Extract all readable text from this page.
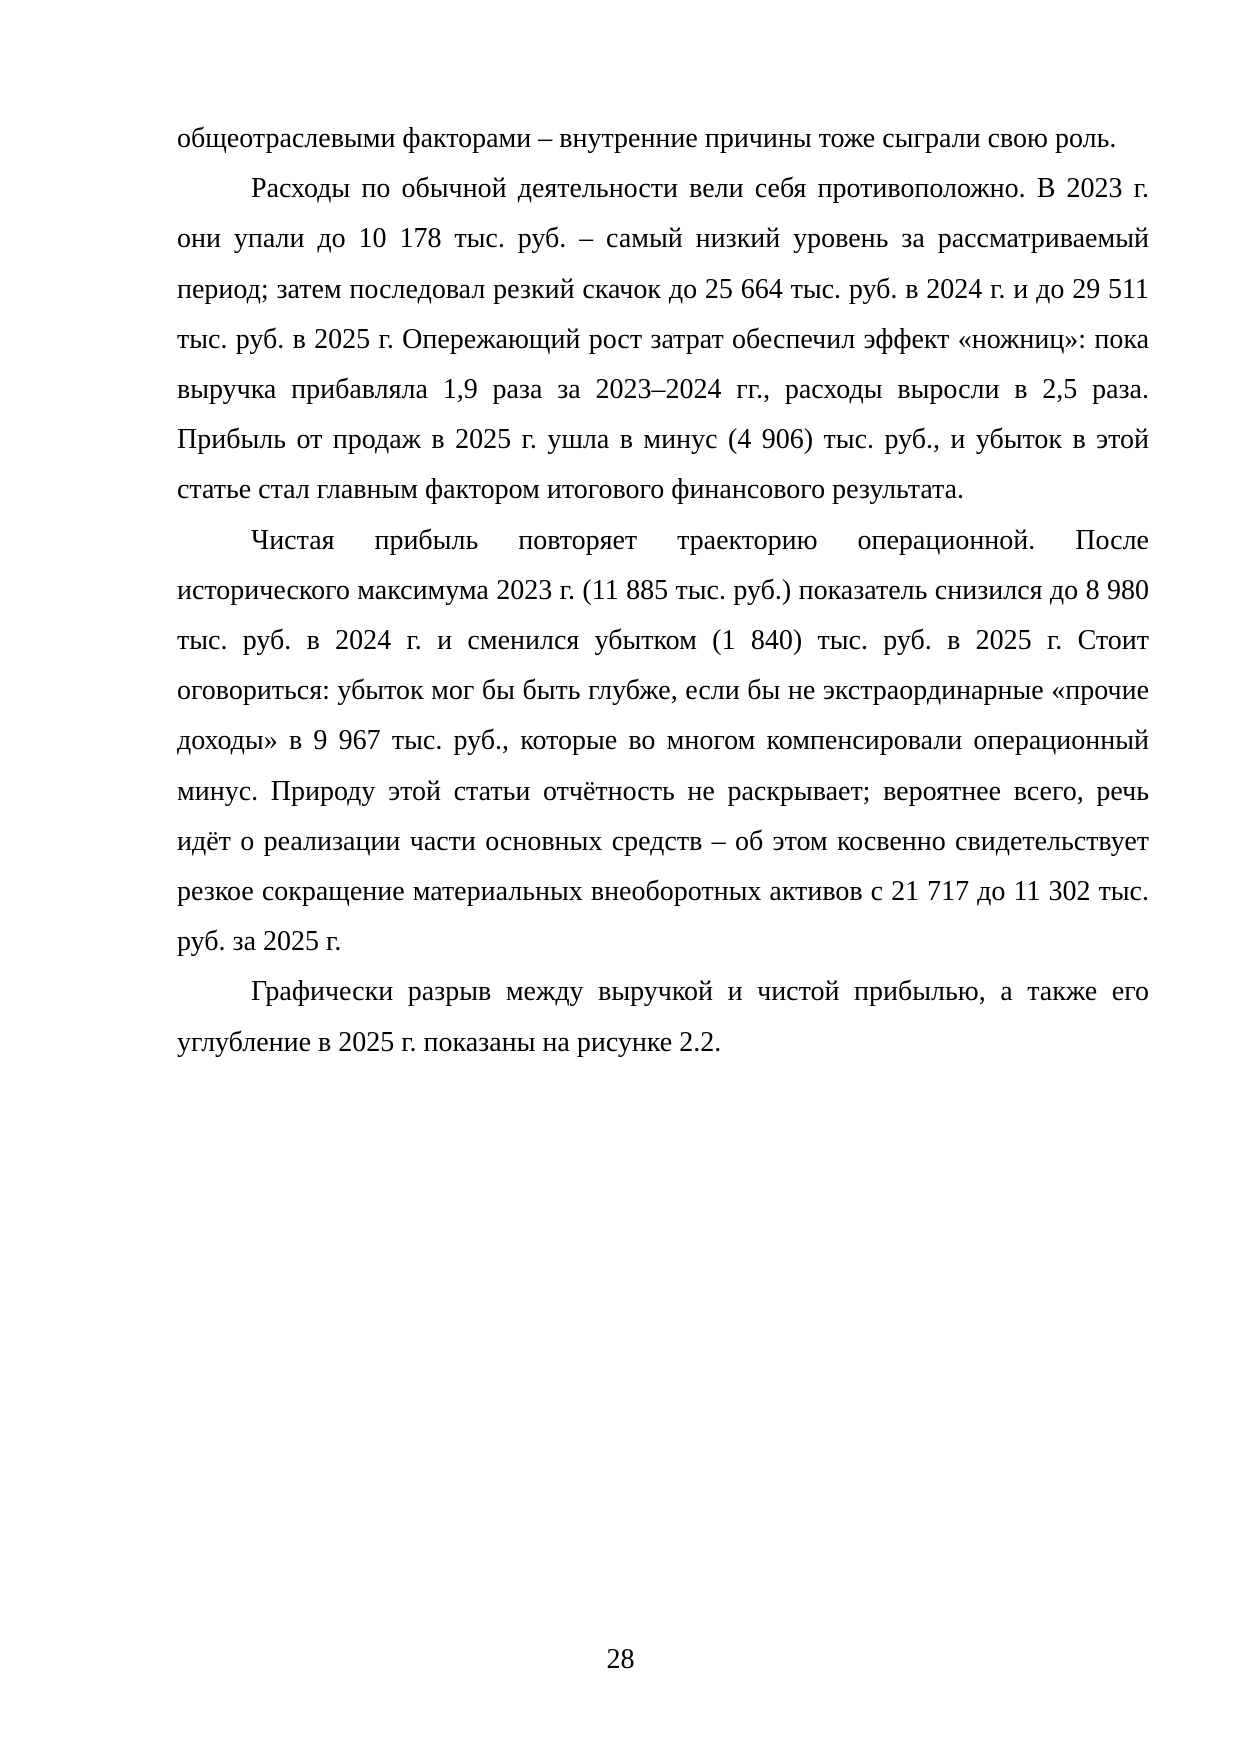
общеотраслевыми факторами – внутренние причины тоже сыграли свою роль.

Расходы по обычной деятельности вели себя противоположно. В 2023 г. они упали до 10 178 тыс. руб. – самый низкий уровень за рассматриваемый период; затем последовал резкий скачок до 25 664 тыс. руб. в 2024 г. и до 29 511 тыс. руб. в 2025 г. Опережающий рост затрат обеспечил эффект «ножниц»: пока выручка прибавляла 1,9 раза за 2023–2024 гг., расходы выросли в 2,5 раза. Прибыль от продаж в 2025 г. ушла в минус (4 906) тыс. руб., и убыток в этой статье стал главным фактором итогового финансового результата.

Чистая прибыль повторяет траекторию операционной. После исторического максимума 2023 г. (11 885 тыс. руб.) показатель снизился до 8 980 тыс. руб. в 2024 г. и сменился убытком (1 840) тыс. руб. в 2025 г. Стоит оговориться: убыток мог бы быть глубже, если бы не экстраординарные «прочие доходы» в 9 967 тыс. руб., которые во многом компенсировали операционный минус. Природу этой статьи отчётность не раскрывает; вероятнее всего, речь идёт о реализации части основных средств – об этом косвенно свидетельствует резкое сокращение материальных внеоборотных активов с 21 717 до 11 302 тыс. руб. за 2025 г.

Графически разрыв между выручкой и чистой прибылью, а также его углубление в 2025 г. показаны на рисунке 2.2.

28
